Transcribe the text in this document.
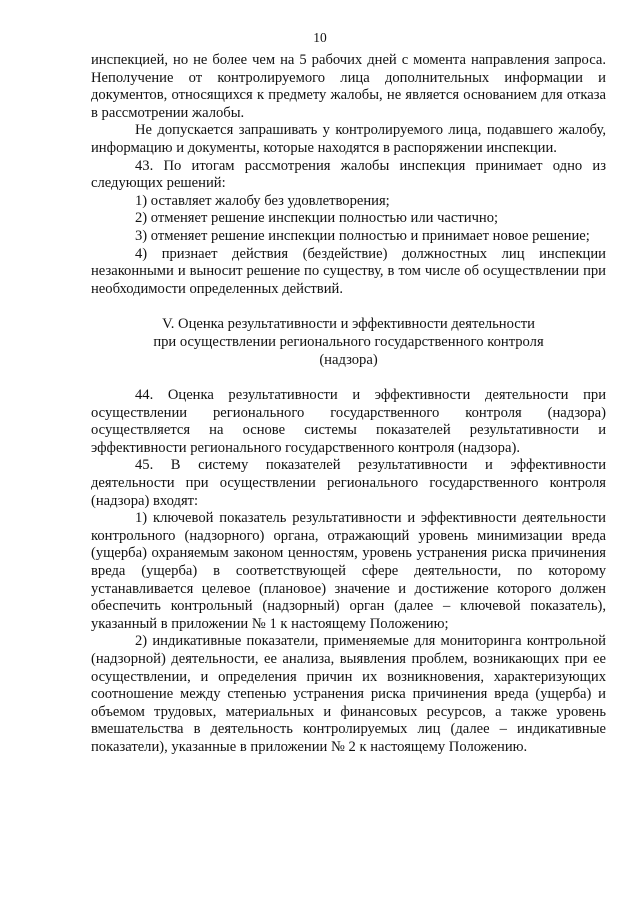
10

инспекцией, но не более чем на 5 рабочих дней с момента направления запроса. Неполучение от контролируемого лица дополнительных информации и документов, относящихся к предмету жалобы, не является основанием для отказа в рассмотрении жалобы.

Не допускается запрашивать у контролируемого лица, подавшего жалобу, информацию и документы, которые находятся в распоряжении инспекции.

43. По итогам рассмотрения жалобы инспекция принимает одно из следующих решений:

1) оставляет жалобу без удовлетворения;

2) отменяет решение инспекции полностью или частично;

3) отменяет решение инспекции полностью и принимает новое решение;

4) признает действия (бездействие) должностных лиц инспекции незаконными и выносит решение по существу, в том числе об осуществлении при необходимости определенных действий.

V. Оценка результативности и эффективности деятельности
при осуществлении регионального государственного контроля
(надзора)

44. Оценка результативности и эффективности деятельности при осуществлении регионального государственного контроля (надзора) осуществляется на основе системы показателей результативности и эффективности регионального государственного контроля (надзора).

45. В систему показателей результативности и эффективности деятельности при осуществлении регионального государственного контроля (надзора) входят:

1) ключевой показатель результативности и эффективности деятельности контрольного (надзорного) органа, отражающий уровень минимизации вреда (ущерба) охраняемым законом ценностям, уровень устранения риска причинения вреда (ущерба) в соответствующей сфере деятельности, по которому устанавливается целевое (плановое) значение и достижение которого должен обеспечить контрольный (надзорный) орган (далее – ключевой показатель), указанный в приложении № 1 к настоящему Положению;

2) индикативные показатели, применяемые для мониторинга контрольной (надзорной) деятельности, ее анализа, выявления проблем, возникающих при ее осуществлении, и определения причин их возникновения, характеризующих соотношение между степенью устранения риска причинения вреда (ущерба) и объемом трудовых, материальных и финансовых ресурсов, а также уровень вмешательства в деятельность контролируемых лиц (далее – индикативные показатели), указанные в приложении № 2 к настоящему Положению.
